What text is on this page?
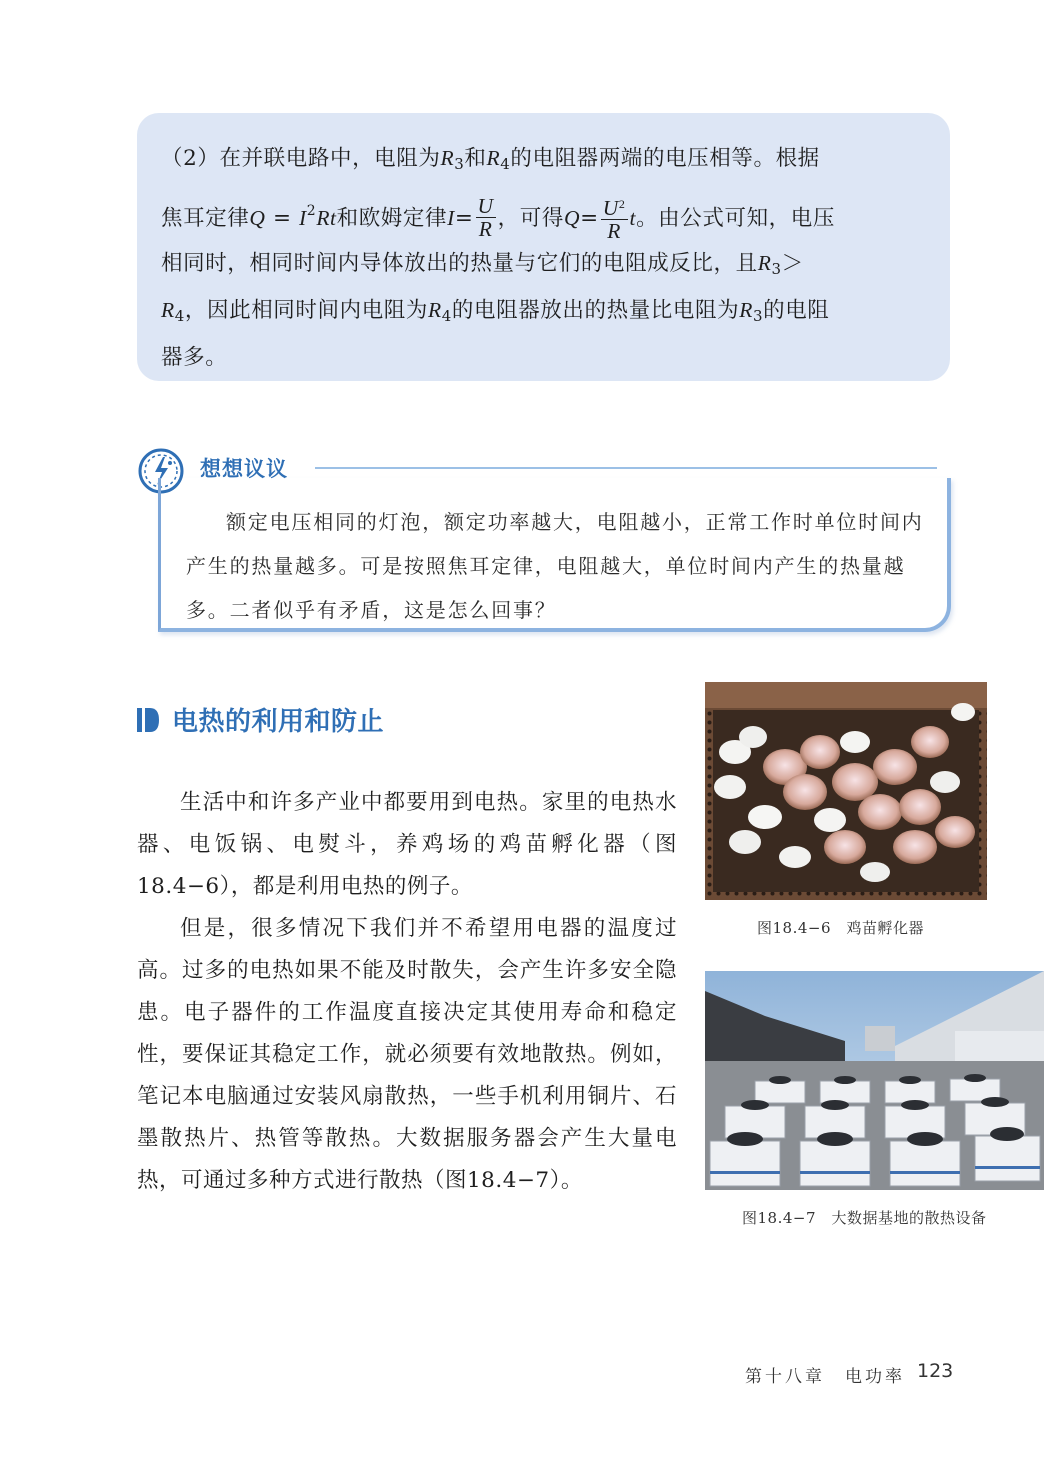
（2）在并联电路中，电阻为$R_3$和$R_4$的电阻器两端的电压相等。根据
焦耳定律$Q = I^2Rt$和欧姆定律$I= \frac{U}{R}$ ，可得$Q= \frac{U^2}{R}$ t。由公式可知，电压
相同时，相同时间内导体放出的热量与它们的电阻成反比，且$R_3>$
$R_4$，因此相同时间内电阻为$R_4$的电阻器放出的热量比电阻为$R_3$的电阻
器多。
想想议议
额定电压相同的灯泡，额定功率越大，电阻越小，正常工作时单位时间内产生的热量越多。可是按照焦耳定律，电阻越大，单位时间内产生的热量越多。二者似乎有矛盾，这是怎么回事？
电热的利用和防止

生活中和许多产业中都要用到电热。家里的电热水器、电饭锅、电熨斗，养鸡场的鸡苗孵化器（图18.4−6），都是利用电热的例子。

但是，很多情况下我们并不希望用电器的温度过高。过多的电热如果不能及时散失，会产生许多安全隐患。电子器件的工作温度直接决定其使用寿命和稳定性，要保证其稳定工作，就必须要有效地散热。例如，笔记本电脑通过安装风扇散热，一些手机利用铜片、石墨散热片、热管等散热。大数据服务器会产生大量电热，可通过多种方式进行散热（图18.4−7）。

图18.4−6　鸡苗孵化器
图18.4−7　大数据基地的散热设备
第十八章　电功率 123
